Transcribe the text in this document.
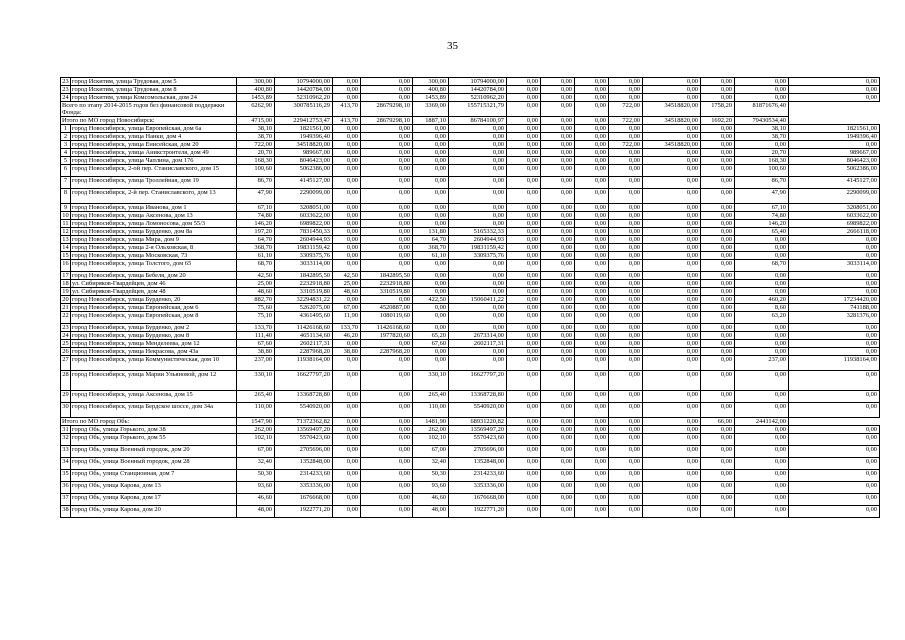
35
23	город Искитим, улица Трудовая, дом 5	300,00	10794000,00	0,00	0,00	300,00	10794000,00	0,00	0,00	0,00	0,00	0,00	0,00	0,00	0,00
23	город Искитим, улица Трудовая, дом 8	400,80	14420784,00	0,00	0,00	400,80	14420784,00	0,00	0,00	0,00	0,00	0,00	0,00	0,00	0,00
24	город Искитим, улица Комсомольская, дом 24	1453,89	52310962,20	0,00	0,00	1453,89	52310962,20	0,00	0,00	0,00	0,00	0,00	0,00	0,00	0,00
Всего по этапу 2014-2015 годов без финансовой поддержки Фонда:		6262,90	300785116,29	413,70	28679298,10	3369,00	155715321,79	0,00	0,00	0,00	722,00	34518820,00	1758,20	81871676,40	
Итого по МО город Новосибирск:		4715,00	229412753,47	413,70	28679298,10	1887,10	86784100,97	0,00	0,00	0,00	722,00	34518820,00	1692,20	79430534,40	
1	город Новосибирск, улица Европейская, дом 6а	38,10	1821561,00	0,00	0,00	0,00	0,00	0,00	0,00	0,00	0,00	0,00	0,00	38,10	1821561,00
2	город Новосибирск, улица Нанки, дом 4	38,70	1949396,40	0,00	0,00	0,00	0,00	0,00	0,00	0,00	0,00	0,00	0,00	38,70	1949396,40
3	город Новосибирск, улица Енисейская, дом 20	722,00	34518820,00	0,00	0,00	0,00	0,00	0,00	0,00	0,00	722,00	34518820,00	0,00	0,00	0,00
4	город Новосибирск, улица Аникстронтеля, дом 49	20,70	989667,00	0,00	0,00	0,00	0,00	0,00	0,00	0,00	0,00	0,00	0,00	20,70	989667,00
5	город Новосибирск, улица Чаплина, дом 176	168,30	8046423,00	0,00	0,00	0,00	0,00	0,00	0,00	0,00	0,00	0,00	0,00	168,30	8046423,00
6	город Новосибирск, 2-ой пер. Станиславского, дом 15	100,60	5062386,00	0,00	0,00	0,00	0,00	0,00	0,00	0,00	0,00	0,00	0,00	100,60	5062386,00
7	город Новосибирск, улица Троллейная, дом 19	86,70	4145127,00	0,00	0,00	0,00	0,00	0,00	0,00	0,00	0,00	0,00	0,00	86,70	4145127,00
8	город Новосибирск, 2-й пер. Станиславского, дом 13	47,90	2290099,00	0,00	0,00	0,00	0,00	0,00	0,00	0,00	0,00	0,00	0,00	47,90	2290099,00
9	город Новосибирск, улица Иванова, дом 1	67,10	3208051,00	0,00	0,00	0,00	0,00	0,00	0,00	0,00	0,00	0,00	0,00	67,10	3208051,00
10	город Новосибирск, улица Аксенова, дом 13	74,80	6033622,00	0,00	0,00	0,00	0,00	0,00	0,00	0,00	0,00	0,00	0,00	74,80	6033622,00
11	город Новосибирск, улица Ломоносова, дом 55/3	146,20	6989822,00	0,00	0,00	0,00	0,00	0,00	0,00	0,00	0,00	0,00	0,00	146,20	6989822,00
12	город Новосибирск, улица Бурденко, дом 8а	197,20	7831450,33	0,00	0,00	131,80	5165332,33	0,00	0,00	0,00	0,00	0,00	0,00	65,40	2666118,00
13	город Новосибирск, улица Мира, дом 9	64,70	2604944,93	0,00	0,00	64,70	2604944,93	0,00	0,00	0,00	0,00	0,00	0,00	0,00	0,00
14	город Новосибирск, улица 2-я Ольховская, 8	368,70	19831159,42	0,00	0,00	368,70	19831159,42	0,00	0,00	0,00	0,00	0,00	0,00	0,00	0,00
15	город Новосибирск, улица Московская, 73	61,10	3309375,76	0,00	0,00	61,10	3309375,76	0,00	0,00	0,00	0,00	0,00	0,00	0,00	0,00
16	город Новосибирск, улица Толстого, дом 65	68,70	3033114,00	0,00	0,00	0,00	0,00	0,00	0,00	0,00	0,00	0,00	0,00	68,70	3033114,00
17	город Новосибирск, улица Бебеля, дом 20	42,50	1842895,50	42,50	1842895,50	0,00	0,00	0,00	0,00	0,00	0,00	0,00	0,00	0,00	0,00
18	ул. Сибиряков-Гвардейцев, дом 46	25,00	2232918,80	25,00	2232918,80	0,00	0,00	0,00	0,00	0,00	0,00	0,00	0,00	0,00	0,00
19	ул. Сибиряков-Гвардейцев, дом 48	48,60	3310519,80	48,60	3310519,80	0,00	0,00	0,00	0,00	0,00	0,00	0,00	0,00	0,00	0,00
20	город Новосибирск, улица Бурденко, 20	882,70	32294831,22	0,00	0,00	422,50	15060411,22	0,00	0,00	0,00	0,00	0,00	0,00	460,20	17234420,00
21	город Новосибирск, улица Европейская, дом 6	75,60	5262075,00	67,00	4520887,00	0,00	0,00	0,00	0,00	0,00	0,00	0,00	0,00	8,60	741188,00
22	город Новосибирск, улица Европейская, дом 8	75,10	4361495,60	11,90	1080119,60	0,00	0,00	0,00	0,00	0,00	0,00	0,00	0,00	63,20	3281376,00
23	город Новосибирск, улица Бурденко, дом 2	133,70	11426168,60	133,70	11426168,60	0,00	0,00	0,00	0,00	0,00	0,00	0,00	0,00	0,00	0,00
24	город Новосибирск, улица Бурденко, дом 8	111,40	4651134,60	46,20	1977820,60	65,20	2673314,00	0,00	0,00	0,00	0,00	0,00	0,00	0,00	0,00
25	город Новосибирск, улица Менделеева, дом 12	67,60	2602117,31	0,00	0,00	67,60	2602117,31	0,00	0,00	0,00	0,00	0,00	0,00	0,00	0,00
26	город Новосибирск, улица Некрасова, дом 43а	38,80	2287968,20	38,80	2287968,20	0,00	0,00	0,00	0,00	0,00	0,00	0,00	0,00	0,00	0,00
27	город Новосибирск, улица Коммунистическая, дом 10	237,00	11938164,00	0,00	0,00	0,00	0,00	0,00	0,00	0,00	0,00	0,00	0,00	237,00	11938164,00
28	город Новосибирск, улица Марии Ульяновой, дом 12	330,10	16627797,20	0,00	0,00	330,10	16627797,20	0,00	0,00	0,00	0,00	0,00	0,00	0,00	0,00
29	город Новосибирск, улица Аксенова, дом 15	265,40	13368728,80	0,00	0,00	265,40	13368728,80	0,00	0,00	0,00	0,00	0,00	0,00	0,00	0,00
30	город Новосибирск, улица Бердское шоссе, дом 34а	110,00	5540920,00	0,00	0,00	110,00	5540920,00	0,00	0,00	0,00	0,00	0,00	0,00	0,00	0,00
Итого по МО город Обь:		1547,90	71372362,82	0,00	0,00	1481,90	68931220,82	0,00	0,00	0,00	0,00	0,00	66,00	2441142,00	
31	город Обь, улица Горького, дом 38	262,00	13569497,20	0,00	0,00	262,00	13569497,20	0,00	0,00	0,00	0,00	0,00	0,00	0,00	0,00
32	город Обь, улица Горького, дом 55	102,10	5570423,60	0,00	0,00	102,10	5570423,60	0,00	0,00	0,00	0,00	0,00	0,00	0,00	0,00
33	город Обь, улица Военный городок, дом 20	67,00	2705696,00	0,00	0,00	67,00	2705696,00	0,00	0,00	0,00	0,00	0,00	0,00	0,00	0,00
34	город Обь, улица Военный городок, дом 28	32,40	1352848,00	0,00	0,00	32,40	1352848,00	0,00	0,00	0,00	0,00	0,00	0,00	0,00	0,00
35	город Обь, улица Станционная, дом 7	50,30	2314233,60	0,00	0,00	50,30	2314233,60	0,00	0,00	0,00	0,00	0,00	0,00	0,00	0,00
36	город Обь, улица Карова, дом 13	93,60	3353336,00	0,00	0,00	93,60	3353336,00	0,00	0,00	0,00	0,00	0,00	0,00	0,00	0,00
37	город Обь, улица Карова, дом 17	46,60	1676668,00	0,00	0,00	46,60	1676668,00	0,00	0,00	0,00	0,00	0,00	0,00	0,00	0,00
38	город Обь, улица Карова, дом 20	48,00	1922771,20	0,00	0,00	48,00	1922771,20	0,00	0,00	0,00	0,00	0,00	0,00	0,00	0,00
